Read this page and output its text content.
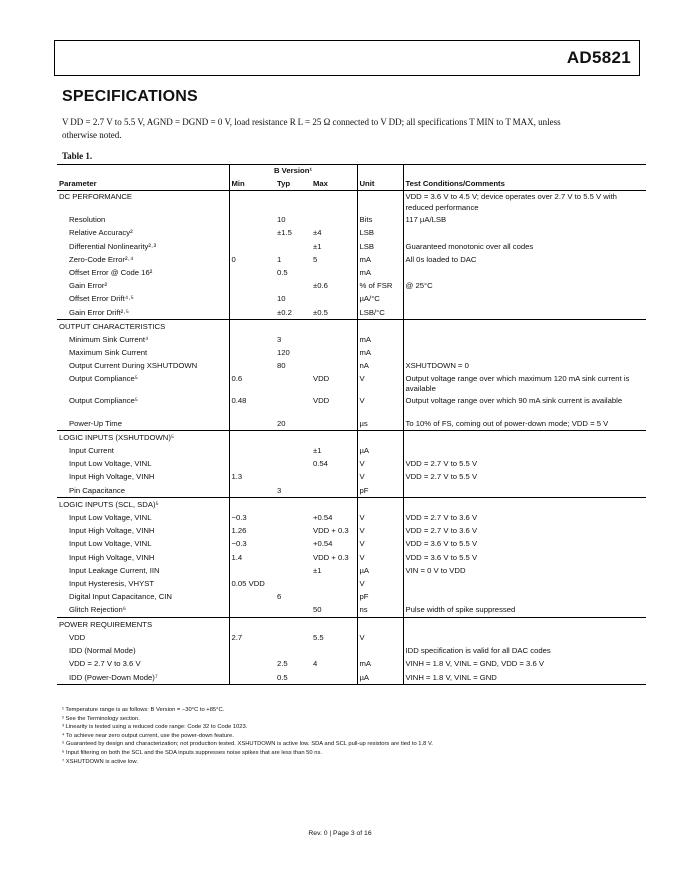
AD5821
SPECIFICATIONS
V DD = 2.7 V to 5.5 V, AGND = DGND = 0 V, load resistance R L = 25 Ω connected to V DD; all specifications T MIN to T MAX, unless otherwise noted.
Table 1.
	B Version¹				
Parameter	Min	Typ	Max	Unit	Test Conditions/Comments
DC PERFORMANCE					VDD = 3.6 V to 4.5 V; device operates over 2.7 V to 5.5 V with reduced performance
Resolution		10		Bits	117 µA/LSB
Relative Accuracy²		±1.5	±4	LSB	
Differential Nonlinearity²·³			±1	LSB	Guaranteed monotonic over all codes
Zero-Code Error²·⁴	0	1	5	mA	All 0s loaded to DAC
Offset Error @ Code 16²		0.5		mA	
Gain Error²			±0.6	% of FSR	@ 25°C
Offset Error Drift⁴·⁵		10		µA/°C	
Gain Error Drift²·⁵		±0.2	±0.5	LSB/°C	
OUTPUT CHARACTERISTICS					
Minimum Sink Current⁴		3		mA	
Maximum Sink Current		120		mA	
Output Current During XSHUTDOWN		80		nA	XSHUTDOWN = 0
Output Compliance⁵	0.6		VDD	V	Output voltage range over which maximum 120 mA sink current is available
Output Compliance⁵	0.48		VDD	V	Output voltage range over which 90 mA sink current is available
Power-Up Time		20		µs	To 10% of FS, coming out of power-down mode; VDD = 5 V
LOGIC INPUTS (XSHUTDOWN)⁵					
Input Current			±1	µA	
Input Low Voltage, VINL			0.54	V	VDD = 2.7 V to 5.5 V
Input High Voltage, VINH	1.3			V	VDD = 2.7 V to 5.5 V
Pin Capacitance		3		pF	
LOGIC INPUTS (SCL, SDA)⁵					
Input Low Voltage, VINL	−0.3		+0.54	V	VDD = 2.7 V to 3.6 V
Input High Voltage, VINH	1.26		VDD + 0.3	V	VDD = 2.7 V to 3.6 V
Input Low Voltage, VINL	−0.3		+0.54	V	VDD = 3.6 V to 5.5 V
Input High Voltage, VINH	1.4		VDD + 0.3	V	VDD = 3.6 V to 5.5 V
Input Leakage Current, IIN			±1	µA	VIN = 0 V to VDD
Input Hysteresis, VHYST	0.05 VDD			V	
Digital Input Capacitance, CIN		6		pF	
Glitch Rejection⁶			50	ns	Pulse width of spike suppressed
POWER REQUIREMENTS					
VDD	2.7		5.5	V	
IDD (Normal Mode)					IDD specification is valid for all DAC codes
VDD = 2.7 V to 3.6 V		2.5	4	mA	VINH = 1.8 V, VINL = GND, VDD = 3.6 V
IDD (Power-Down Mode)⁷		0.5		µA	VINH = 1.8 V, VINL = GND
¹ Temperature range is as follows: B Version = −30°C to +85°C.
² See the Terminology section.
³ Linearity is tested using a reduced code range: Code 32 to Code 1023.
⁴ To achieve near zero output current, use the power-down feature.
⁵ Guaranteed by design and characterization; not production tested. XSHUTDOWN is active low. SDA and SCL pull-up resistors are tied to 1.8 V.
⁶ Input filtering on both the SCL and the SDA inputs suppresses noise spikes that are less than 50 ns.
⁷ XSHUTDOWN is active low.
Rev. 0 | Page 3 of 16
